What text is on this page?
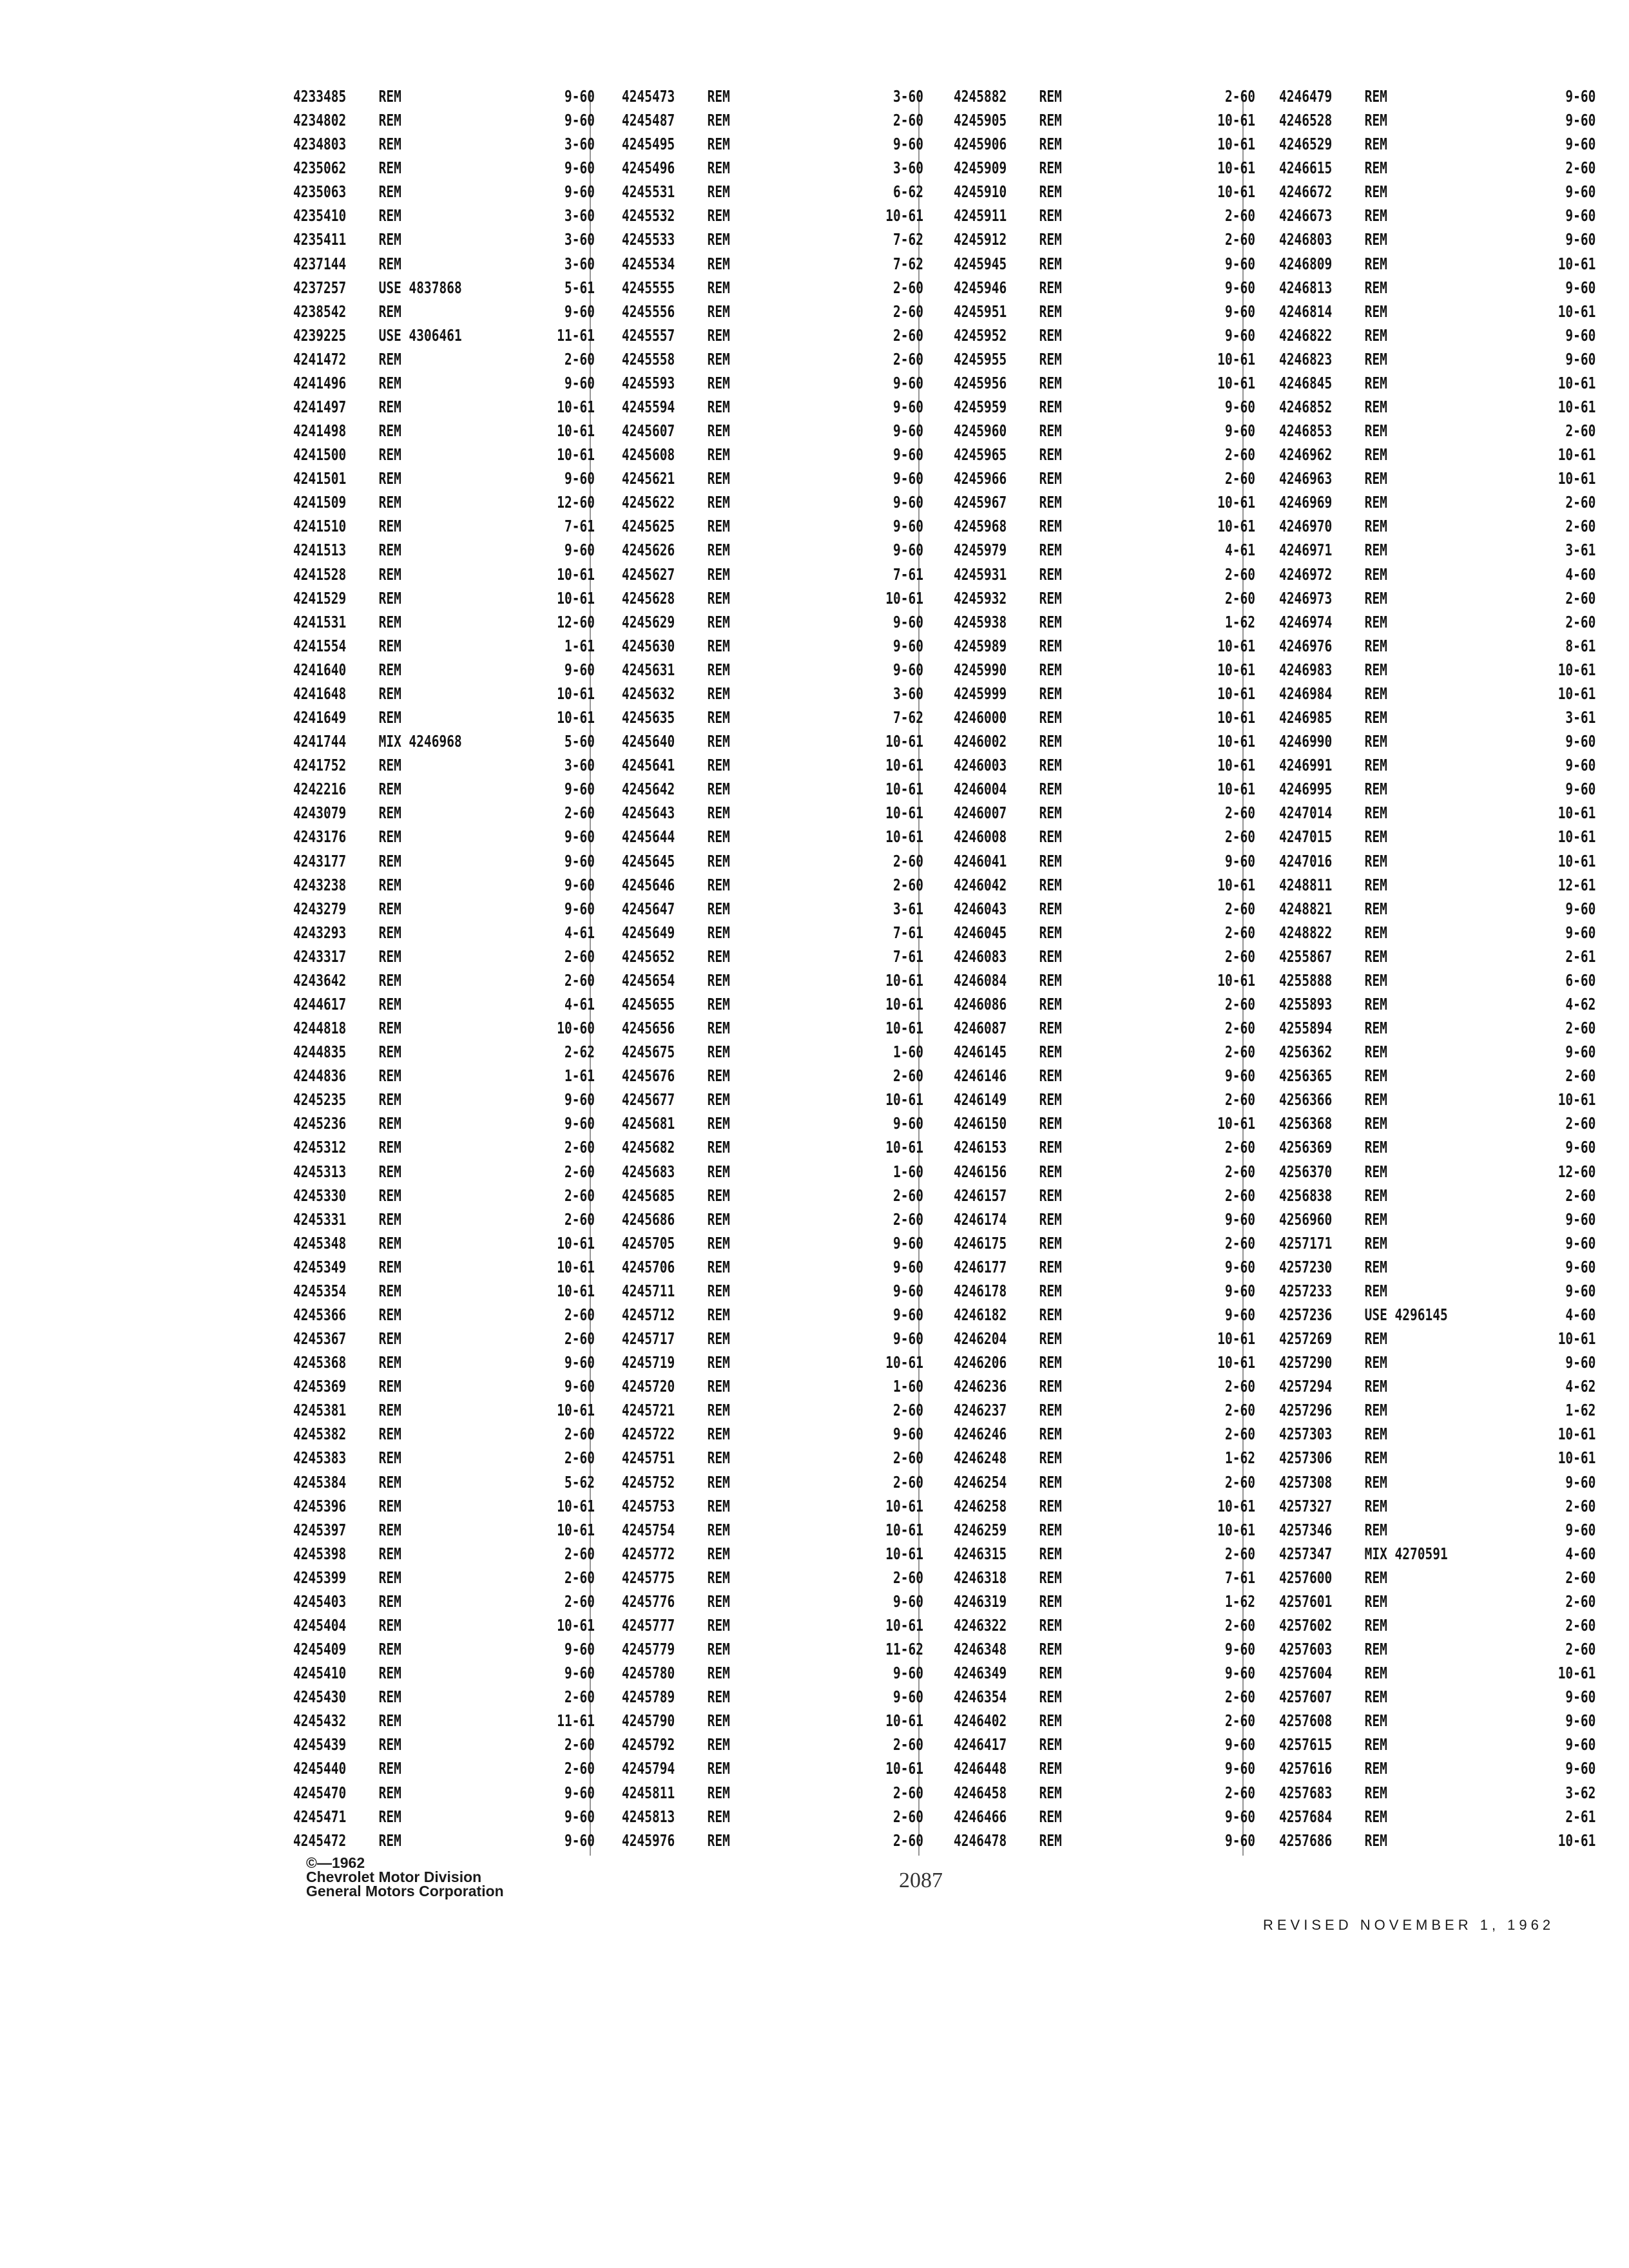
4233485 REM	9-60
4234802 REM	9-60
4234803 REM	3-60
4235062 REM	9-60
4235063 REM	9-60
4235410 REM	3-60
4235411 REM	3-60
4237144 REM	3-60
4237257 USE 4837868	5-61
4238542 REM	9-60
4239225 USE 4306461	11-61
4241472 REM	2-60
4241496 REM	9-60
4241497 REM	10-61
4241498 REM	10-61
4241500 REM	10-61
4241501 REM	9-60
4241509 REM	12-60
4241510 REM	7-61
4241513 REM	9-60
4241528 REM	10-61
4241529 REM	10-61
4241531 REM	12-60
4241554 REM	1-61
4241640 REM	9-60
4241648 REM	10-61
4241649 REM	10-61
4241744 MIX 4246968	5-60
4241752 REM	3-60
4242216 REM	9-60
4243079 REM	2-60
4243176 REM	9-60
4243177 REM	9-60
4243238 REM	9-60
4243279 REM	9-60
4243293 REM	4-61
4243317 REM	2-60
4243642 REM	2-60
4244617 REM	4-61
4244818 REM	10-60
4244835 REM	2-62
4244836 REM	1-61
4245235 REM	9-60
4245236 REM	9-60
4245312 REM	2-60
4245313 REM	2-60
4245330 REM	2-60
4245331 REM	2-60
4245348 REM	10-61
4245349 REM	10-61
4245354 REM	10-61
4245366 REM	2-60
4245367 REM	2-60
4245368 REM	9-60
4245369 REM	9-60
4245381 REM	10-61
4245382 REM	2-60
4245383 REM	2-60
4245384 REM	5-62
4245396 REM	10-61
4245397 REM	10-61
4245398 REM	2-60
4245399 REM	2-60
4245403 REM	2-60
4245404 REM	10-61
4245409 REM	9-60
4245410 REM	9-60
4245430 REM	2-60
4245432 REM	11-61
4245439 REM	2-60
4245440 REM	2-60
4245470 REM	9-60
4245471 REM	9-60
4245472 REM	9-60
4245473 REM	3-60
4245487 REM	2-60
4245495 REM	9-60
4245496 REM	3-60
4245531 REM	6-62
4245532 REM	10-61
4245533 REM	7-62
4245534 REM	7-62
4245555 REM	2-60
4245556 REM	2-60
4245557 REM	2-60
4245558 REM	2-60
4245593 REM	9-60
4245594 REM	9-60
4245607 REM	9-60
4245608 REM	9-60
4245621 REM	9-60
4245622 REM	9-60
4245625 REM	9-60
4245626 REM	9-60
4245627 REM	7-61
4245628 REM	10-61
4245629 REM	9-60
4245630 REM	9-60
4245631 REM	9-60
4245632 REM	3-60
4245635 REM	7-62
4245640 REM	10-61
4245641 REM	10-61
4245642 REM	10-61
4245643 REM	10-61
4245644 REM	10-61
4245645 REM	2-60
4245646 REM	2-60
4245647 REM	3-61
4245649 REM	7-61
4245652 REM	7-61
4245654 REM	10-61
4245655 REM	10-61
4245656 REM	10-61
4245675 REM	1-60
4245676 REM	2-60
4245677 REM	10-61
4245681 REM	9-60
4245682 REM	10-61
4245683 REM	1-60
4245685 REM	2-60
4245686 REM	2-60
4245705 REM	9-60
4245706 REM	9-60
4245711 REM	9-60
4245712 REM	9-60
4245717 REM	9-60
4245719 REM	10-61
4245720 REM	1-60
4245721 REM	2-60
4245722 REM	9-60
4245751 REM	2-60
4245752 REM	2-60
4245753 REM	10-61
4245754 REM	10-61
4245772 REM	10-61
4245775 REM	2-60
4245776 REM	9-60
4245777 REM	10-61
4245779 REM	11-62
4245780 REM	9-60
4245789 REM	9-60
4245790 REM	10-61
4245792 REM	2-60
4245794 REM	10-61
4245811 REM	2-60
4245813 REM	2-60
4245976 REM	2-60
4245882 REM	2-60
4245905 REM	10-61
4245906 REM	10-61
4245909 REM	10-61
4245910 REM	10-61
4245911 REM	2-60
4245912 REM	2-60
4245945 REM	9-60
4245946 REM	9-60
4245951 REM	9-60
4245952 REM	9-60
4245955 REM	10-61
4245956 REM	10-61
4245959 REM	9-60
4245960 REM	9-60
4245965 REM	2-60
4245966 REM	2-60
4245967 REM	10-61
4245968 REM	10-61
4245979 REM	4-61
4245931 REM	2-60
4245932 REM	2-60
4245938 REM	1-62
4245989 REM	10-61
4245990 REM	10-61
4245999 REM	10-61
4246000 REM	10-61
4246002 REM	10-61
4246003 REM	10-61
4246004 REM	10-61
4246007 REM	2-60
4246008 REM	2-60
4246041 REM	9-60
4246042 REM	10-61
4246043 REM	2-60
4246045 REM	2-60
4246083 REM	2-60
4246084 REM	10-61
4246086 REM	2-60
4246087 REM	2-60
4246145 REM	2-60
4246146 REM	9-60
4246149 REM	2-60
4246150 REM	10-61
4246153 REM	2-60
4246156 REM	2-60
4246157 REM	2-60
4246174 REM	9-60
4246175 REM	2-60
4246177 REM	9-60
4246178 REM	9-60
4246182 REM	9-60
4246204 REM	10-61
4246206 REM	10-61
4246236 REM	2-60
4246237 REM	2-60
4246246 REM	2-60
4246248 REM	1-62
4246254 REM	2-60
4246258 REM	10-61
4246259 REM	10-61
4246315 REM	2-60
4246318 REM	7-61
4246319 REM	1-62
4246322 REM	2-60
4246348 REM	9-60
4246349 REM	9-60
4246354 REM	2-60
4246402 REM	2-60
4246417 REM	9-60
4246448 REM	9-60
4246458 REM	2-60
4246466 REM	9-60
4246478 REM	9-60
4246479 REM	9-60
4246528 REM	9-60
4246529 REM	9-60
4246615 REM	2-60
4246672 REM	9-60
4246673 REM	9-60
4246803 REM	9-60
4246809 REM	10-61
4246813 REM	9-60
4246814 REM	10-61
4246822 REM	9-60
4246823 REM	9-60
4246845 REM	10-61
4246852 REM	10-61
4246853 REM	2-60
4246962 REM	10-61
4246963 REM	10-61
4246969 REM	2-60
4246970 REM	2-60
4246971 REM	3-61
4246972 REM	4-60
4246973 REM	2-60
4246974 REM	2-60
4246976 REM	8-61
4246983 REM	10-61
4246984 REM	10-61
4246985 REM	3-61
4246990 REM	9-60
4246991 REM	9-60
4246995 REM	9-60
4247014 REM	10-61
4247015 REM	10-61
4247016 REM	10-61
4248811 REM	12-61
4248821 REM	9-60
4248822 REM	9-60
4255867 REM	2-61
4255888 REM	6-60
4255893 REM	4-62
4255894 REM	2-60
4256362 REM	9-60
4256365 REM	2-60
4256366 REM	10-61
4256368 REM	2-60
4256369 REM	9-60
4256370 REM	12-60
4256838 REM	2-60
4256960 REM	9-60
4257171 REM	9-60
4257230 REM	9-60
4257233 REM	9-60
4257236 USE 4296145	4-60
4257269 REM	10-61
4257290 REM	9-60
4257294 REM	4-62
4257296 REM	1-62
4257303 REM	10-61
4257306 REM	10-61
4257308 REM	9-60
4257327 REM	2-60
4257346 REM	9-60
4257347 MIX 4270591	4-60
4257600 REM	2-60
4257601 REM	2-60
4257602 REM	2-60
4257603 REM	2-60
4257604 REM	10-61
4257607 REM	9-60
4257608 REM	9-60
4257615 REM	9-60
4257616 REM	9-60
4257683 REM	3-62
4257684 REM	2-61
4257686 REM	10-61
©—1962
Chevrolet Motor Division
General Motors Corporation	2087
REVISED NOVEMBER 1, 1962
